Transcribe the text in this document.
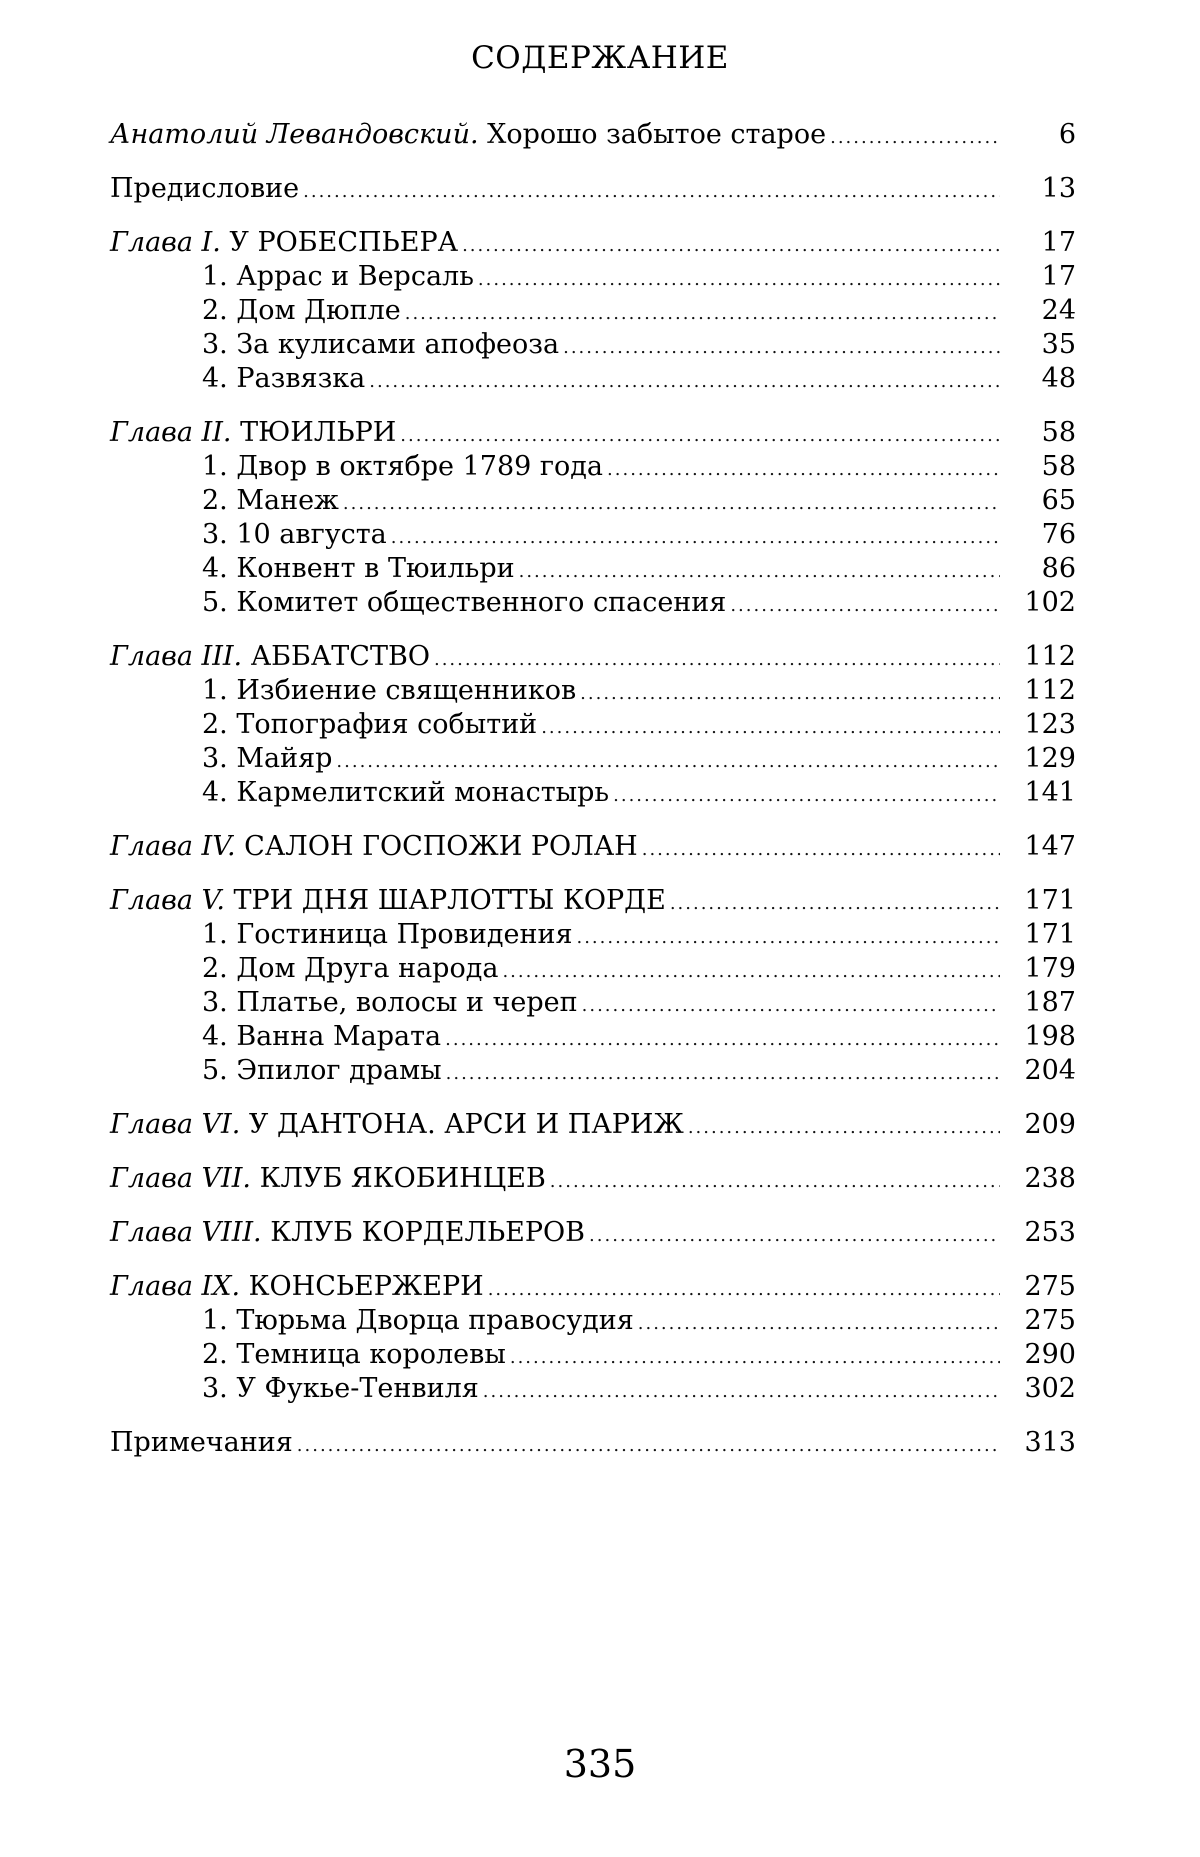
СОДЕРЖАНИЕ
Анатолий Левандовский. Хорошо забытое старое .....	6
Предисловие .....	13
Глава I. У РОБЕСПЬЕРА .....	17
1. Аррас и Версаль .....	17
2. Дом Дюпле .....	24
3. За кулисами апофеоза .....	35
4. Развязка .....	48
Глава II. ТЮИЛЬРИ .....	58
1. Двор в октябре 1789 года .....	58
2. Манеж .....	65
3. 10 августа .....	76
4. Конвент в Тюильри .....	86
5. Комитет общественного спасения .....	102
Глава III. АББАТСТВО .....	112
1. Избиение священников .....	112
2. Топография событий .....	123
3. Майяр .....	129
4. Кармелитский монастырь .....	141
Глава IV. САЛОН ГОСПОЖИ РОЛАН .....	147
Глава V. ТРИ ДНЯ ШАРЛОТТЫ КОРДЕ .....	171
1. Гостиница Провидения .....	171
2. Дом Друга народа .....	179
3. Платье, волосы и череп .....	187
4. Ванна Марата .....	198
5. Эпилог драмы .....	204
Глава VI. У ДАНТОНА. АРСИ И ПАРИЖ .....	209
Глава VII. КЛУБ ЯКОБИНЦЕВ .....	238
Глава VIII. КЛУБ КОРДЕЛЬЕРОВ .....	253
Глава IX. КОНСЬЕРЖЕРИ .....	275
1. Тюрьма Дворца правосудия .....	275
2. Темница королевы .....	290
3. У Фукье-Тенвиля .....	302
Примечания .....	313
335
